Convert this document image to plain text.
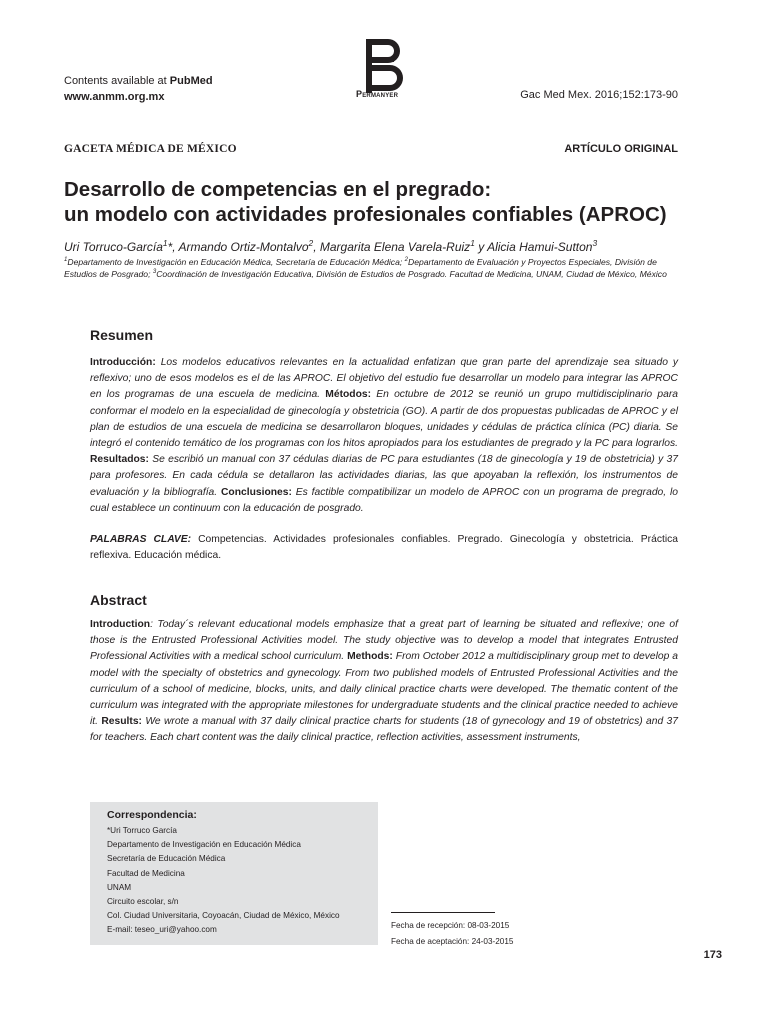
Contents available at PubMed
www.anmm.org.mx	Permanyer	Gac Med Mex. 2016;152:173-90
GACETA MÉDICA DE MÉXICO	ARTÍCULO ORIGINAL
Desarrollo de competencias en el pregrado:
un modelo con actividades profesionales confiables (APROC)
Uri Torruco-García$^1$*, Armando Ortiz-Montalvo$^2$, Margarita Elena Varela-Ruiz$^1$ y Alicia Hamui-Sutton$^3$
$^1$Departamento de Investigación en Educación Médica, Secretaría de Educación Médica; $^2$Departamento de Evaluación y Proyectos Especiales, División de Estudios de Posgrado; $^3$Coordinación de Investigación Educativa, División de Estudios de Posgrado. Facultad de Medicina, UNAM, Ciudad de México, México
Resumen

Introducción: Los modelos educativos relevantes en la actualidad enfatizan que gran parte del aprendizaje sea situado y reflexivo; uno de esos modelos es el de las APROC. El objetivo del estudio fue desarrollar un modelo para integrar las APROC en los programas de una escuela de medicina. Métodos: En octubre de 2012 se reunió un grupo multidisciplinario para conformar el modelo en la especialidad de ginecología y obstetricia (GO). A partir de dos propuestas publicadas de APROC y el plan de estudios de una escuela de medicina se desarrollaron bloques, unidades y cédulas de práctica clínica (PC) diaria. Se integró el contenido temático de los programas con los hitos apropiados para los estudiantes de pregrado y la PC para lograrlos. Resultados: Se escribió un manual con 37 cédulas diarias de PC para estudiantes (18 de ginecología y 19 de obstetricia) y 37 para profesores. En cada cédula se detallaron las actividades diarias, las que apoyaban la reflexión, los instrumentos de evaluación y la bibliografía. Conclusiones: Es factible compatibilizar un modelo de APROC con un programa de pregrado, lo cual establece un continuum con la educación de posgrado.

PALABRAS CLAVE: Competencias. Actividades profesionales confiables. Pregrado. Ginecología y obstetricia. Práctica reflexiva. Educación médica.

Abstract

Introduction: Today´s relevant educational models emphasize that a great part of learning be situated and reflexive; one of those is the Entrusted Professional Activities model. The study objective was to develop a model that integrates Entrusted Professional Activities with a medical school curriculum. Methods: From October 2012 a multidisciplinary group met to develop a model with the specialty of obstetrics and gynecology. From two published models of Entrusted Professional Activities and the curriculum of a school of medicine, blocks, units, and daily clinical practice charts were developed. The thematic content of the curriculum was integrated with the appropriate milestones for undergraduate students and the clinical practice needed to achieve it. Results: We wrote a manual with 37 daily clinical practice charts for students (18 of gynecology and 19 of obstetrics) and 37 for teachers. Each chart content was the daily clinical practice, reflection activities, assessment instruments,

Correspondencia:
*Uri Torruco García
Departamento de Investigación en Educación Médica
Secretaría de Educación Médica
Facultad de Medicina
UNAM
Circuito escolar, s/n
Col. Ciudad Universitaria, Coyoacán, Ciudad de México, México
E-mail: teseo_uri@yahoo.com	Fecha de recepción: 08-03-2015
Fecha de aceptación: 24-03-2015
173
